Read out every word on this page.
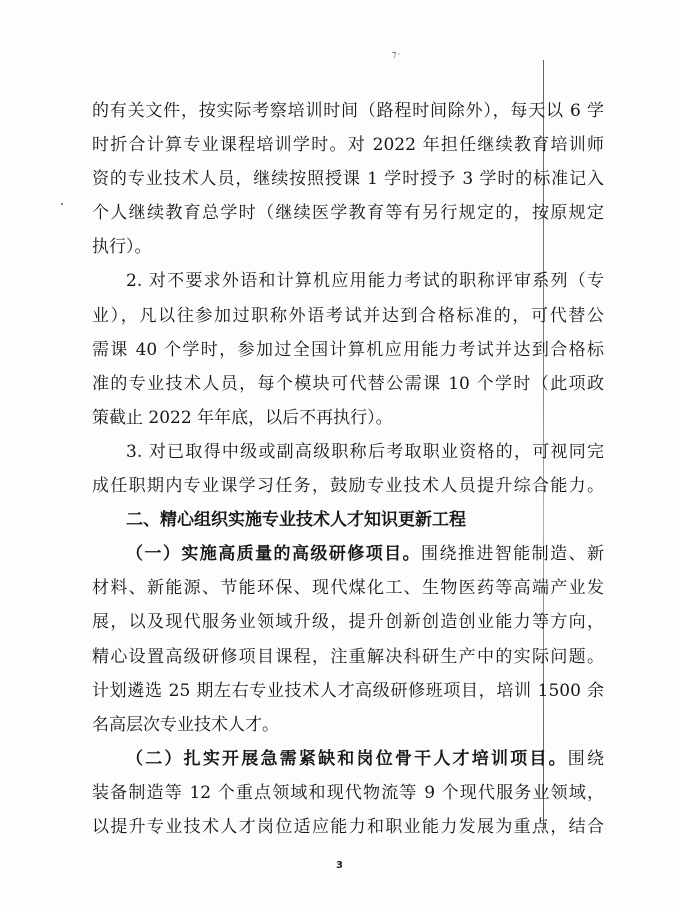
⁊·
的有关文件，按实际考察培训时间（路程时间除外），每天以 6 学
时折合计算专业课程培训学时。对 2022 年担任继续教育培训师
资的专业技术人员，继续按照授课 1 学时授予 3 学时的标准记入
个人继续教育总学时（继续医学教育等有另行规定的，按原规定
执行）。
2. 对不要求外语和计算机应用能力考试的职称评审系列（专
业），凡以往参加过职称外语考试并达到合格标准的，可代替公
需课 40 个学时，参加过全国计算机应用能力考试并达到合格标
准的专业技术人员，每个模块可代替公需课 10 个学时（此项政
策截止 2022 年年底，以后不再执行）。
3. 对已取得中级或副高级职称后考取职业资格的，可视同完
成任职期内专业课学习任务，鼓励专业技术人员提升综合能力。
二、精心组织实施专业技术人才知识更新工程
（一）实施高质量的高级研修项目。围绕推进智能制造、新
材料、新能源、节能环保、现代煤化工、生物医药等高端产业发
展，以及现代服务业领域升级，提升创新创造创业能力等方向，
精心设置高级研修项目课程，注重解决科研生产中的实际问题。
计划遴选 25 期左右专业技术人才高级研修班项目，培训 1500 余
名高层次专业技术人才。
（二）扎实开展急需紧缺和岗位骨干人才培训项目。围绕
装备制造等 12 个重点领域和现代物流等 9 个现代服务业领域，
以提升专业技术人才岗位适应能力和职业能力发展为重点，结合
3
